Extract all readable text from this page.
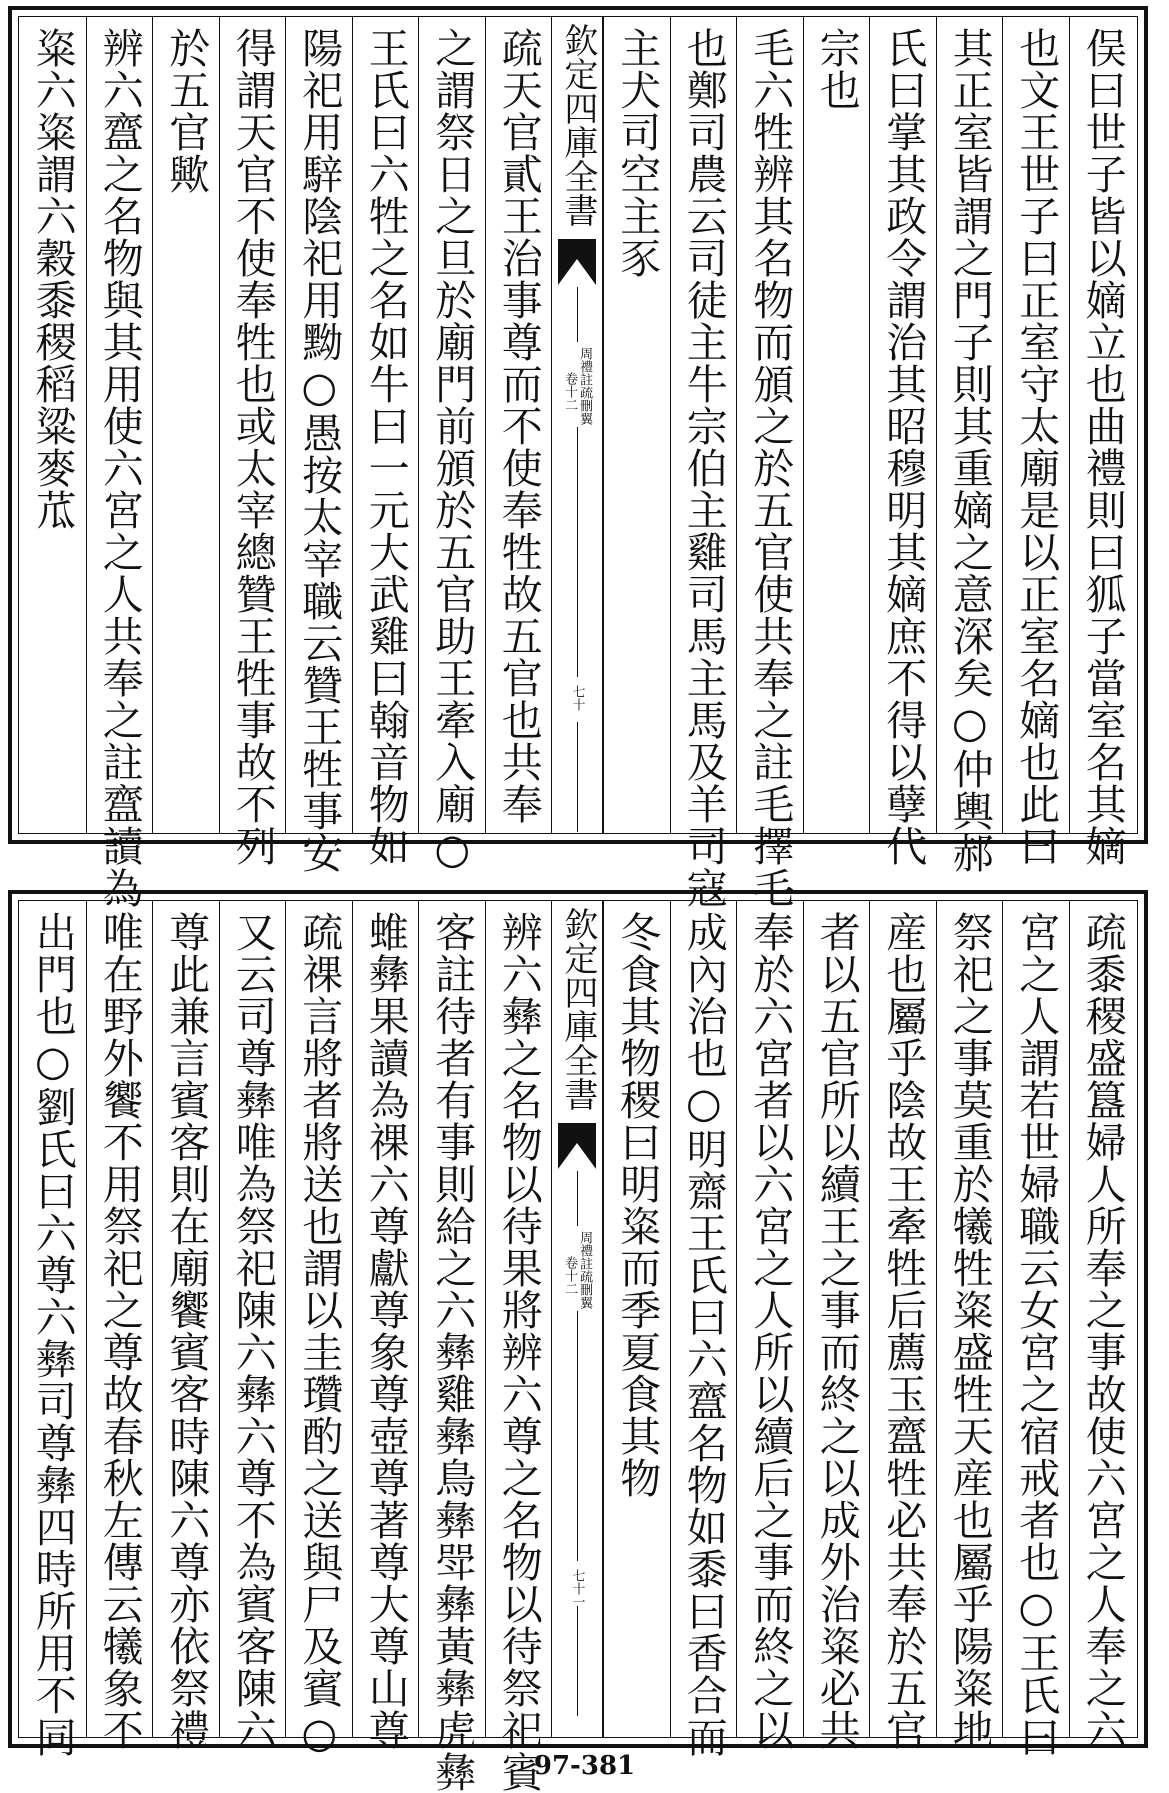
俣曰世子皆以嫡立也曲禮則曰狐子當室名其嫡
也文王世子曰正室守太廟是以正室名嫡也此曰
其正室皆謂之門子則其重嫡之意深矣○仲輿郝
氏曰掌其政令謂治其昭穆明其嫡庶不得以孽代
宗也
毛六牲辨其名物而頒之於五官使共奉之註毛擇毛
也鄭司農云司徒主牛宗伯主雞司馬主馬及羊司寇
主犬司空主豕
欽定四庫全書
周禮註疏刪翼
卷十二
七十
疏天官貳王治事尊而不使奉牲故五官也共奉
之謂祭日之旦於廟門前頒於五官助王牽入廟○
王氏曰六牲之名如牛曰一元大武雞曰翰音物如
陽祀用騂陰祀用黝○愚按太宰職云贊王牲事安
得謂天官不使奉牲也或太宰總贊王牲事故不列
於五官歟
辨六齍之名物與其用使六宮之人共奉之註齍讀為
粢六粢謂六穀黍稷稻粱麥苽
疏黍稷盛簋婦人所奉之事故使六宮之人奉之六
宮之人謂若世婦職云女宮之宿戒者也○王氏曰
祭祀之事莫重於犧牲粢盛牲天産也屬乎陽粢地
産也屬乎陰故王牽牲后薦玉齍牲必共奉於五官
者以五官所以續王之事而終之以成外治粢必共
奉於六宮者以六宮之人所以續后之事而終之以
成內治也○明齋王氏曰六齍名物如黍曰香合而
冬食其物稷曰明粢而季夏食其物
欽定四庫全書
周禮註疏刪翼
卷十二
七十一
辨六彝之名物以待果將辨六尊之名物以待祭祀賓
客註待者有事則給之六彝雞彝鳥彝斝彝黃彝虎彝
蜼彝果讀為祼六尊獻尊象尊壺尊著尊大尊山尊
疏祼言將者將送也謂以圭瓚酌之送與尸及賓○
又云司尊彝唯為祭祀陳六彝六尊不為賓客陳六
尊此兼言賓客則在廟饗賓客時陳六尊亦依祭禮
唯在野外饗不用祭祀之尊故春秋左傳云犧象不
出門也○劉氏曰六尊六彝司尊彝四時所用不同
97-381
